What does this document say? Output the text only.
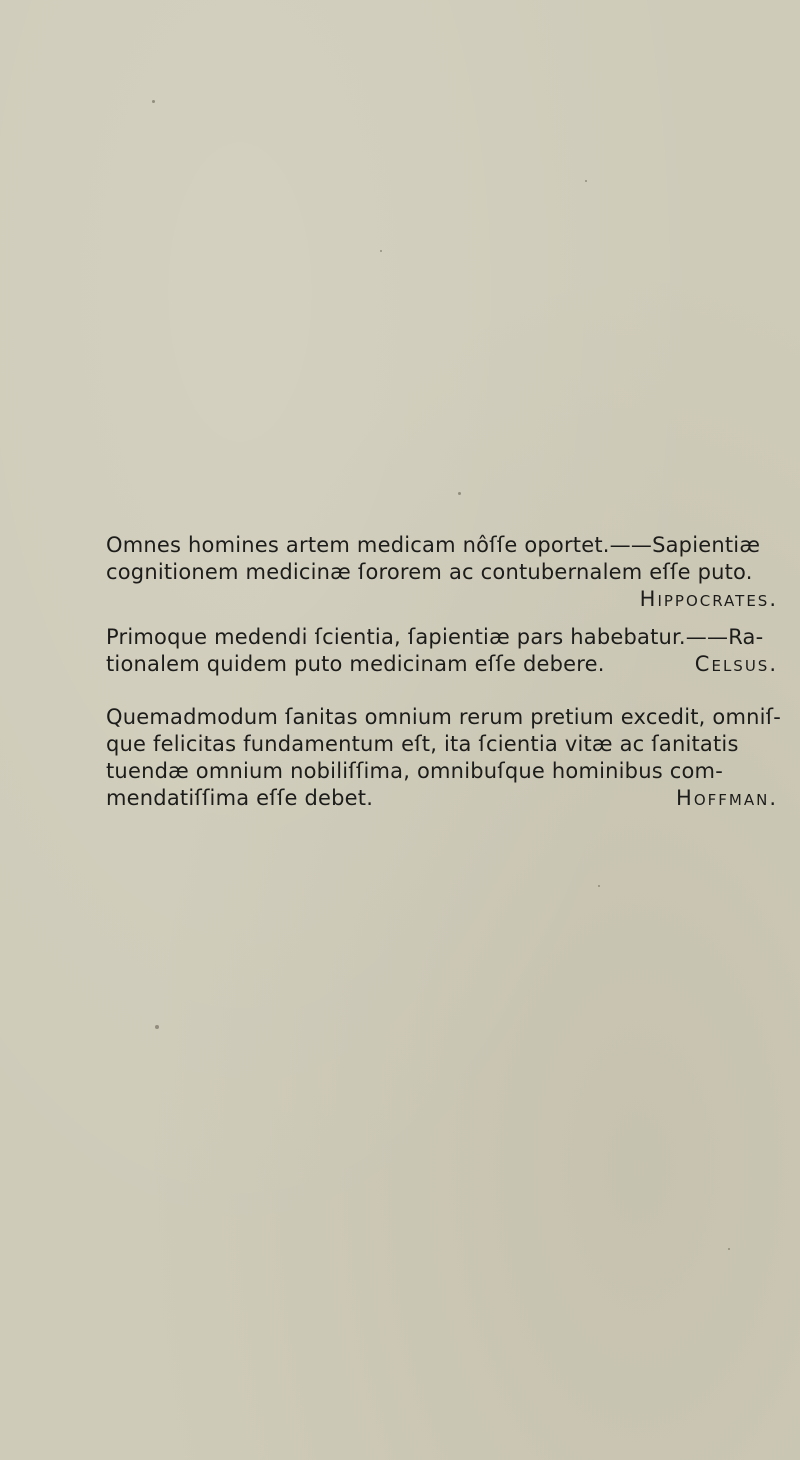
Omnes homines artem medicam nôſſe oportet.——Sapientiæ
cognitionem medicinæ ſororem ac contubernalem eſſe puto.
Hippocrates.
Primoque medendi ſcientia, ſapientiæ pars habebatur.——Ra-
tionalem quidem puto medicinam eſſe debere.	Celsus.
Quemadmodum ſanitas omnium rerum pretium excedit, omniſ-
que felicitas fundamentum eſt, ita ſcientia vitæ ac ſanitatis
tuendæ omnium nobiliſſima, omnibuſque hominibus com-
mendatiſſima eſſe debet.	Hoffman.
